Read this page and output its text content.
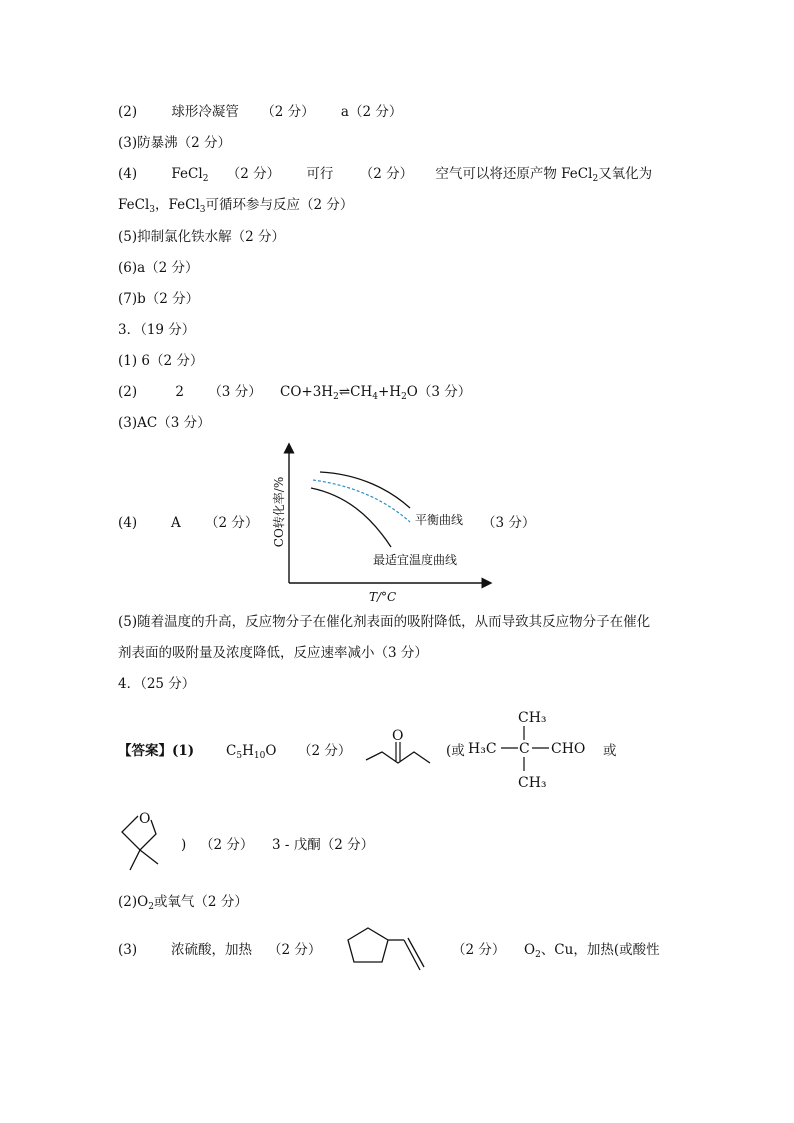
(2)	球形冷凝管 （2 分） a（2 分）
(3)防暴沸（2 分）
(4)	FeCl$_2$ （2 分） 可行 （2 分） 空气可以将还原产物 FeCl$_2$又氧化为
FeCl$_3$，FeCl$_3$可循环参与反应（2 分）
(5)抑制氯化铁水解（2 分）
(6)a（2 分）
(7)b（2 分）
3．（19 分）
(1) 6（2 分）
(2)	2 （3 分） $CO+3H_2\rightleftharpoons CH_4+H_2O(3$ 分）
(3)AC（3 分）
(4)	A （2 分）	（3 分）
CO转化率/%
T/°C
平衡曲线
最适宜温度曲线
(5)随着温度的升高，反应物分子在催化剂表面的吸附降低，从而导致其反应物分子在催化
剂表面的吸附量及浓度降低，反应速率减小（3 分）
4．（25 分）
【答案】(1) $C_5H_{10}O$ （2 分）
O
(或
CH₃
H₃C C CHO
CH₃
或
O
) （2 分） 3 - 戊酮（2 分）
$(2)O_2$或氧气（2 分）
(3)	浓硫酸，加热 （2 分）	（2 分） $O_2$、Cu，加热(或酸性
